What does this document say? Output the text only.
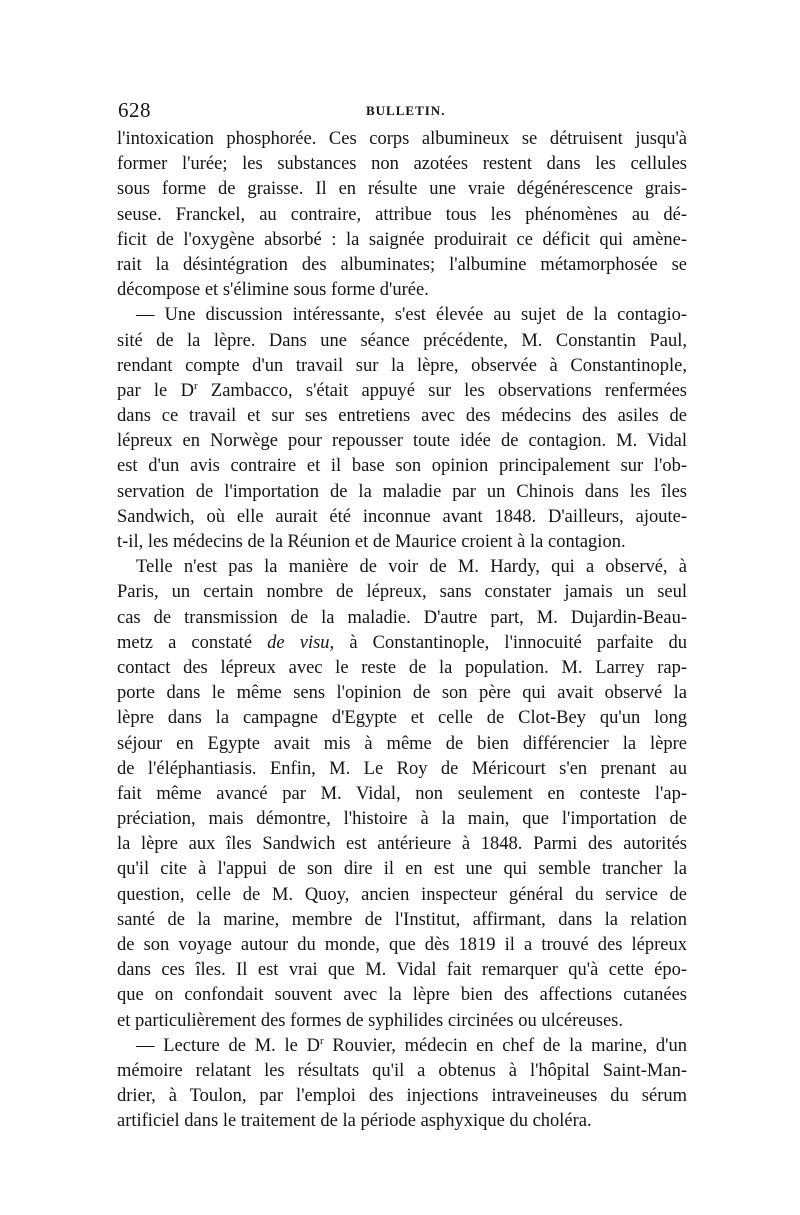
628	BULLETIN.
l'intoxication phosphorée. Ces corps albumineux se détruisent jusqu'à
former l'urée; les substances non azotées restent dans les cellules
sous forme de graisse. Il en résulte une vraie dégénérescence grais-
seuse. Franckel, au contraire, attribue tous les phénomènes au dé-
ficit de l'oxygène absorbé : la saignée produirait ce déficit qui amène-
rait la désintégration des albuminates; l'albumine métamorphosée se
décompose et s'élimine sous forme d'urée.
— Une discussion intéressante, s'est élevée au sujet de la contagio-
sité de la lèpre. Dans une séance précédente, M. Constantin Paul,
rendant compte d'un travail sur la lèpre, observée à Constantinople,
par le $D^r$ Zambacco, s'était appuyé sur les observations renfermées
dans ce travail et sur ses entretiens avec des médecins des asiles de
lépreux en Norwège pour repousser toute idée de contagion. M. Vidal
est d'un avis contraire et il base son opinion principalement sur l'ob-
servation de l'importation de la maladie par un Chinois dans les îles
Sandwich, où elle aurait été inconnue avant 1848. D'ailleurs, ajoute-
t-il, les médecins de la Réunion et de Maurice croient à la contagion.
Telle n'est pas la manière de voir de M. Hardy, qui a observé, à
Paris, un certain nombre de lépreux, sans constater jamais un seul
cas de transmission de la maladie. D'autre part, M. Dujardin-Beau-
metz a constaté de visu, à Constantinople, l'innocuité parfaite du
contact des lépreux avec le reste de la population. M. Larrey rap-
porte dans le même sens l'opinion de son père qui avait observé la
lèpre dans la campagne d'Egypte et celle de Clot-Bey qu'un long
séjour en Egypte avait mis à même de bien différencier la lèpre
de l'éléphantiasis. Enfin, M. Le Roy de Méricourt s'en prenant au
fait même avancé par M. Vidal, non seulement en conteste l'ap-
préciation, mais démontre, l'histoire à la main, que l'importation de
la lèpre aux îles Sandwich est antérieure à 1848. Parmi des autorités
qu'il cite à l'appui de son dire il en est une qui semble trancher la
question, celle de M. Quoy, ancien inspecteur général du service de
santé de la marine, membre de l'Institut, affirmant, dans la relation
de son voyage autour du monde, que dès 1819 il a trouvé des lépreux
dans ces îles. Il est vrai que M. Vidal fait remarquer qu'à cette épo-
que on confondait souvent avec la lèpre bien des affections cutanées
et particulièrement des formes de syphilides circinées ou ulcéreuses.
— Lecture de M. le $D^r$ Rouvier, médecin en chef de la marine, d'un
mémoire relatant les résultats qu'il a obtenus à l'hôpital Saint-Man-
drier, à Toulon, par l'emploi des injections intraveineuses du sérum
artificiel dans le traitement de la période asphyxique du choléra.
